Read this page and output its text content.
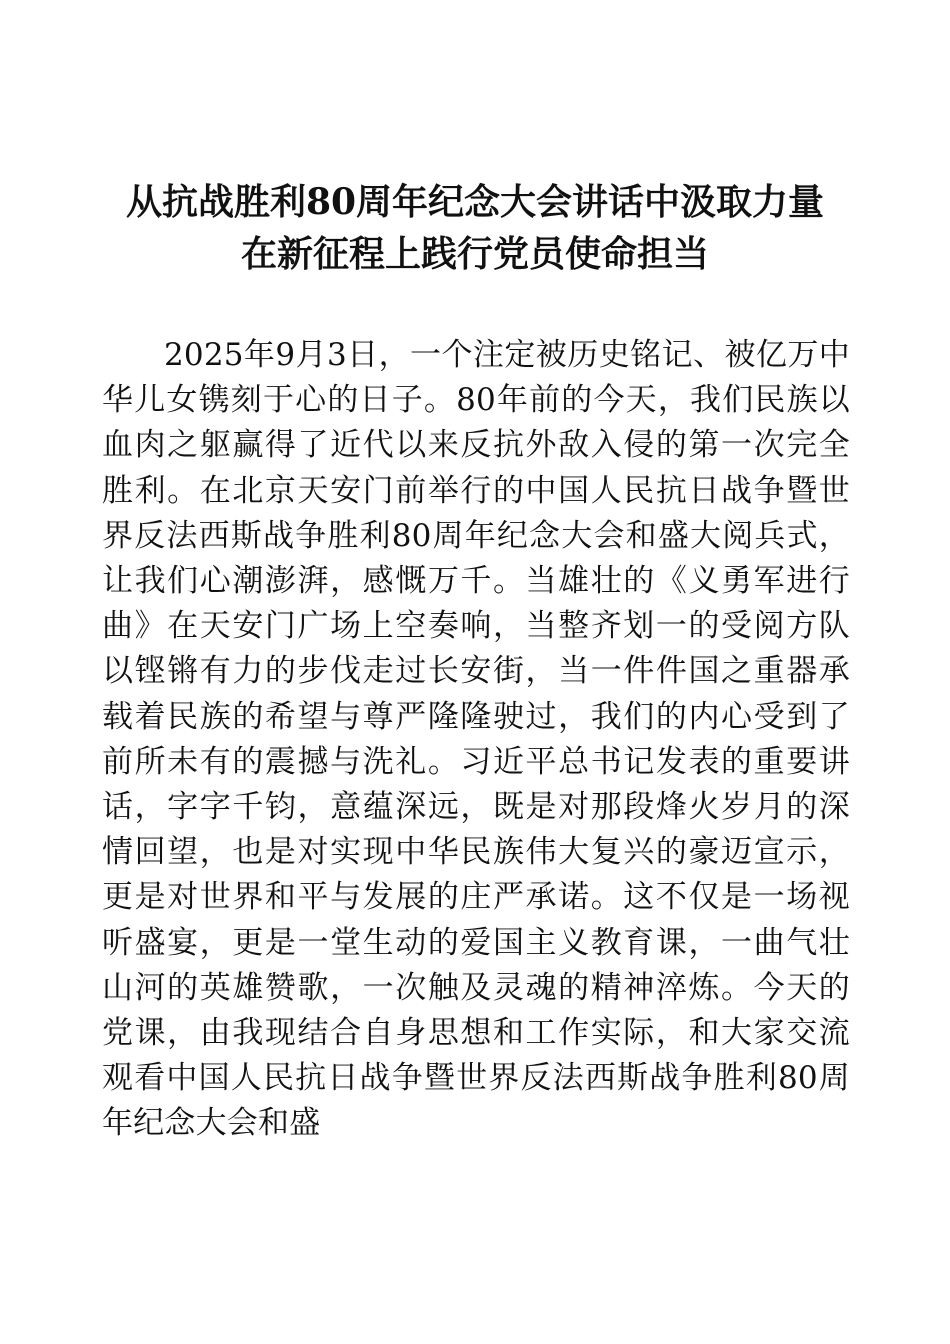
从抗战胜利80周年纪念大会讲话中汲取力量
在新征程上践行党员使命担当

2025年9月3日，一个注定被历史铭记、被亿万中华儿女镌刻于心的日子。80年前的今天，我们民族以血肉之躯赢得了近代以来反抗外敌入侵的第一次完全胜利。在北京天安门前举行的中国人民抗日战争暨世界反法西斯战争胜利80周年纪念大会和盛大阅兵式，让我们心潮澎湃，感慨万千。当雄壮的《义勇军进行曲》在天安门广场上空奏响，当整齐划一的受阅方队以铿锵有力的步伐走过长安街，当一件件国之重器承载着民族的希望与尊严隆隆驶过，我们的内心受到了前所未有的震撼与洗礼。习近平总书记发表的重要讲话，字字千钧，意蕴深远，既是对那段烽火岁月的深情回望，也是对实现中华民族伟大复兴的豪迈宣示，更是对世界和平与发展的庄严承诺。这不仅是一场视听盛宴，更是一堂生动的爱国主义教育课，一曲气壮山河的英雄赞歌，一次触及灵魂的精神淬炼。今天的党课，由我现结合自身思想和工作实际，和大家交流观看中国人民抗日战争暨世界反法西斯战争胜利80周年纪念大会和盛
